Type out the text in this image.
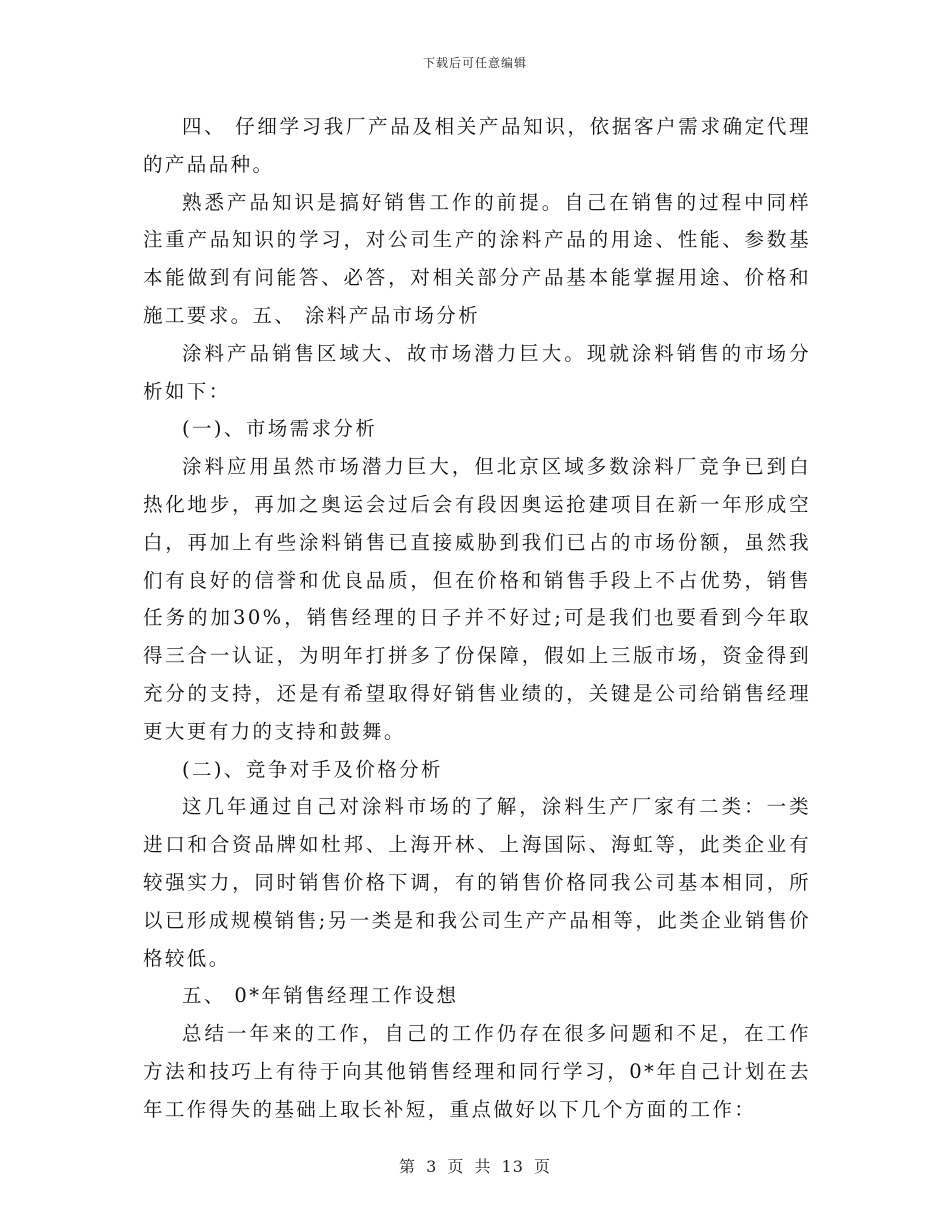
下载后可任意编辑

四、 仔细学习我厂产品及相关产品知识，依据客户需求确定代理的产品品种。

熟悉产品知识是搞好销售工作的前提。自己在销售的过程中同样注重产品知识的学习，对公司生产的涂料产品的用途、性能、参数基本能做到有问能答、必答，对相关部分产品基本能掌握用途、价格和施工要求。五、 涂料产品市场分析

涂料产品销售区域大、故市场潜力巨大。现就涂料销售的市场分析如下：

(一)、市场需求分析

涂料应用虽然市场潜力巨大，但北京区域多数涂料厂竞争已到白热化地步，再加之奥运会过后会有段因奥运抢建项目在新一年形成空白，再加上有些涂料销售已直接威胁到我们已占的市场份额，虽然我们有良好的信誉和优良品质，但在价格和销售手段上不占优势，销售任务的加30%，销售经理的日子并不好过;可是我们也要看到今年取得三合一认证，为明年打拼多了份保障，假如上三版市场，资金得到充分的支持，还是有希望取得好销售业绩的，关键是公司给销售经理更大更有力的支持和鼓舞。

(二)、竞争对手及价格分析

这几年通过自己对涂料市场的了解，涂料生产厂家有二类：一类进口和合资品牌如杜邦、上海开林、上海国际、海虹等，此类企业有较强实力，同时销售价格下调，有的销售价格同我公司基本相同，所以已形成规模销售;另一类是和我公司生产产品相等，此类企业销售价格较低。

五、 0*年销售经理工作设想

总结一年来的工作，自己的工作仍存在很多问题和不足，在工作方法和技巧上有待于向其他销售经理和同行学习，0*年自己计划在去年工作得失的基础上取长补短，重点做好以下几个方面的工作：

第 3 页 共 13 页
